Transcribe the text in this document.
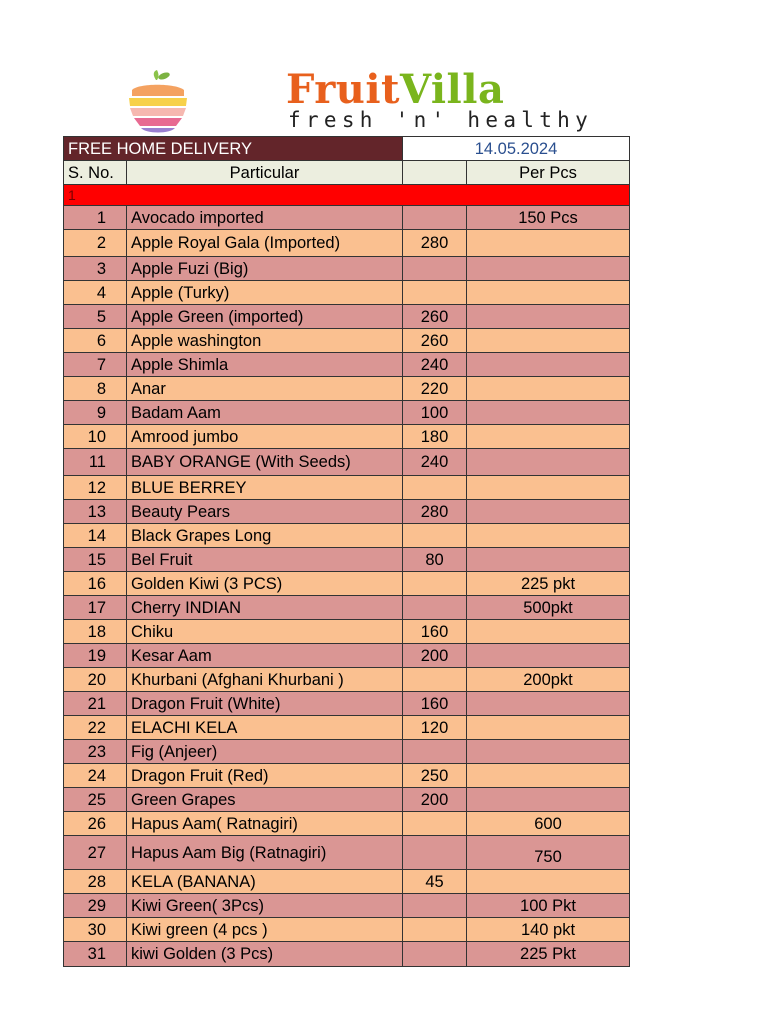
FruitVilla
fresh 'n' healthy
FREE HOME DELIVERY		14.05.2024	
S. No.	Particular		Per Pcs
1			
1	Avocado imported		150 Pcs
2	Apple Royal Gala (Imported)	280	
3	Apple Fuzi (Big)		
4	Apple (Turky)		
5	Apple Green (imported)	260	
6	Apple washington	260	
7	Apple Shimla	240	
8	Anar	220	
9	Badam Aam	100	
10	Amrood jumbo	180	
11	BABY ORANGE (With Seeds)	240	
12	BLUE BERREY		
13	Beauty Pears	280	
14	Black Grapes Long		
15	Bel Fruit	80	
16	Golden Kiwi (3 PCS)		225 pkt
17	Cherry INDIAN		500pkt
18	Chiku	160	
19	Kesar Aam	200	
20	Khurbani (Afghani Khurbani )		200pkt
21	Dragon Fruit (White)	160	
22	ELACHI KELA	120	
23	Fig (Anjeer)		
24	Dragon Fruit (Red)	250	
25	Green Grapes	200	
26	Hapus Aam( Ratnagiri)		600
27	Hapus Aam Big (Ratnagiri)		750
28	KELA (BANANA)	45	
29	Kiwi Green( 3Pcs)		100 Pkt
30	Kiwi green (4 pcs )		140 pkt
31	kiwi Golden (3 Pcs)		225 Pkt
